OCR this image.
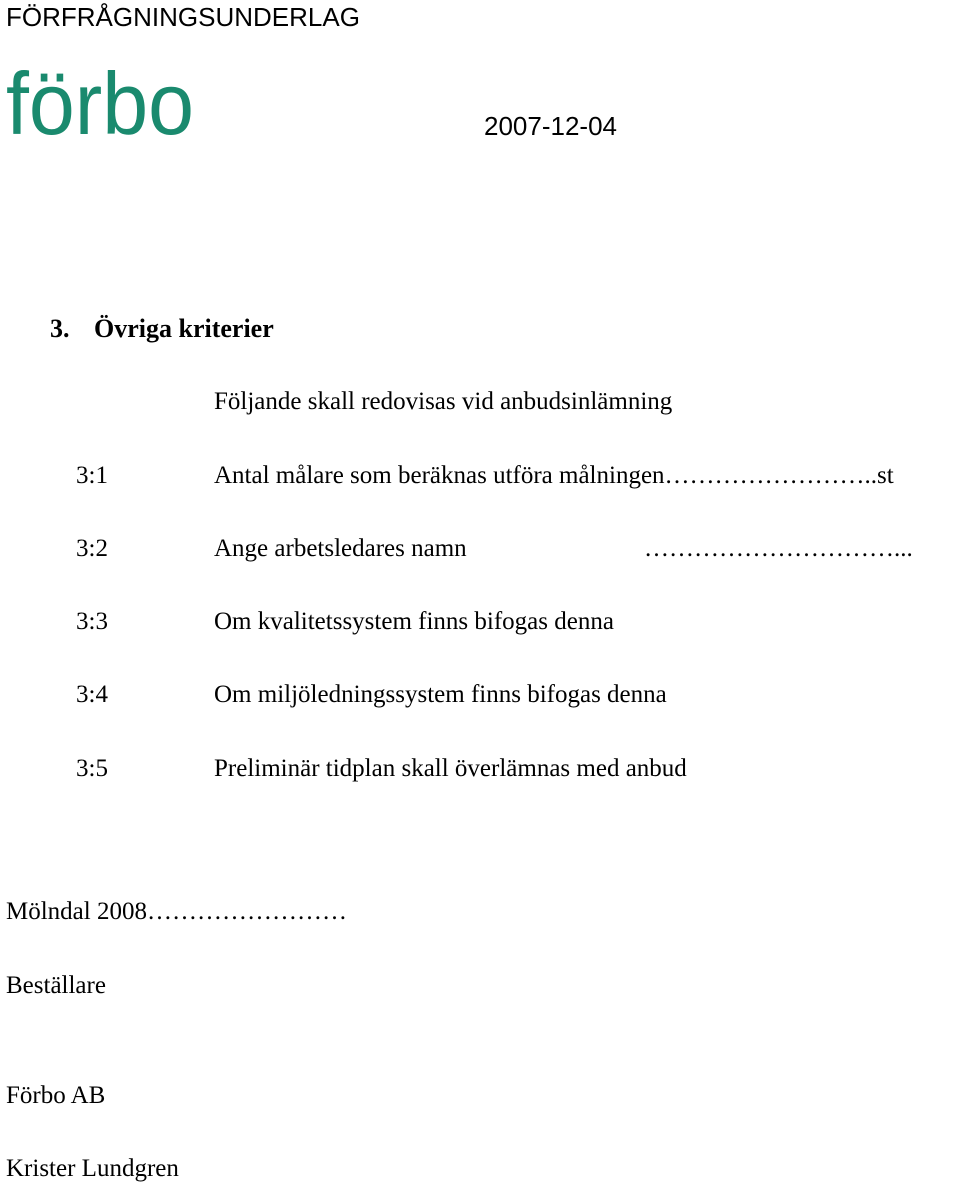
FÖRFRÅGNINGSUNDERLAG
förbo	2007-12-04
3. Övriga kriterier
Följande skall redovisas vid anbudsinlämning
3:1	Antal målare som beräknas utföra målningen……………………..st
3:2	Ange arbetsledares namn	…………………………...
3:3	Om kvalitetssystem finns bifogas denna
3:4	Om miljöledningssystem finns bifogas denna
3:5	Preliminär tidplan skall överlämnas med anbud
Mölndal 2008……………………
Beställare
Förbo AB
Krister Lundgren
